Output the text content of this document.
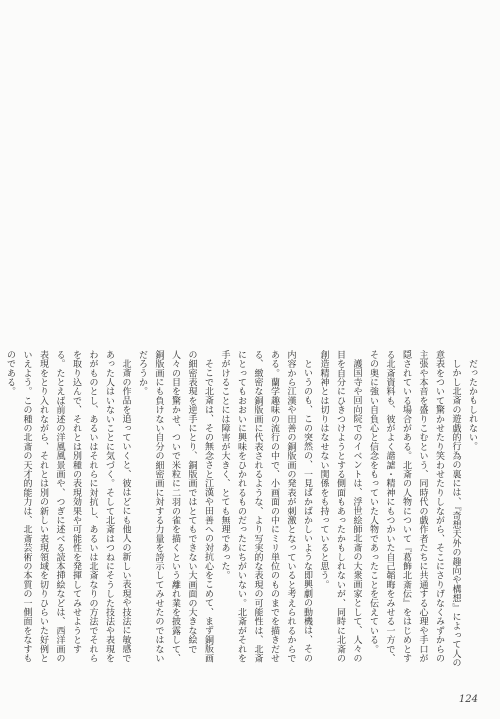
だったかもしれない。

しかし北斎の遊戯的行為の裏には、『奇想天外の趣向や構想』によって人の意表をついて驚かせたり笑わせたりしながら、そこにさりげなくみずからの主張や本音を盛りこむという、同時代の戯作者たちに共通する心理や手口が隠されている場合がある。北斎の人物について『葛飾北斎伝』をはじめとする北斎資料も、彼がよく諧謔・精神にもつかいた自己韜晦をみせる一方で、その奥に強い自負心と信念をもっていた人物であったことを伝えている。

護国寺や回向院でのイベントは、浮世絵師北斎の大衆画家として、人々の目を自分にひきつけようとする側面もあったかもしれないが、同時に北斎の創造精神とは切りはなせない関係をも持っていると思う。

というのも、この突然の、一見ばかばかしいような即興劇の動機は、その内容から江漢や田善の銅版画の発表が刺激となっていると考えられるからである。蘭学趣味の流行の中で、小画面の中にミリ単位のものまでを描きだせる、緻密な銅版画に代表されるような、より写実的な表現の可能性は、北斎にとってもおおいに興味をひかれるものだったにちがいない。北斎がそれを手がけることには障害が大きく、とても無理であった。

そこで北斎は、その無念さと江漢や田善への対抗心をこめて、まず銅版画の細密表現を逆手にとり、銅版画ではとてもできない大画面の大きな絵で人々の目を驚かせ、ついで米粒に二羽の雀を描くという離れ業を披露して、銅版画にも負けない自分の細密画に対する力量を誇示してみせたのではないだろうか。

北斎の作品を追っていくと、彼はどにも他人の新しい表現や技法に敏感であった人はいないことに気づく。そして北斎はつねにそうした技法や表現をわがものとし、あるいはそれらに対抗し、あるいは北斎なりの方法でそれらを取り込んで、それとは別種の表現効果や可能性を発揮してみせようとする。たとえば前述の洋風風景画や、つぎに述べる読本挿絵などは、西洋画の表現をとり入れながら、それとは別の新しい表現領域を切りひらいた好例といえよう。この種の北斎の天才的能力は、北斎芸術の本質の一側面をなすものである。

124
